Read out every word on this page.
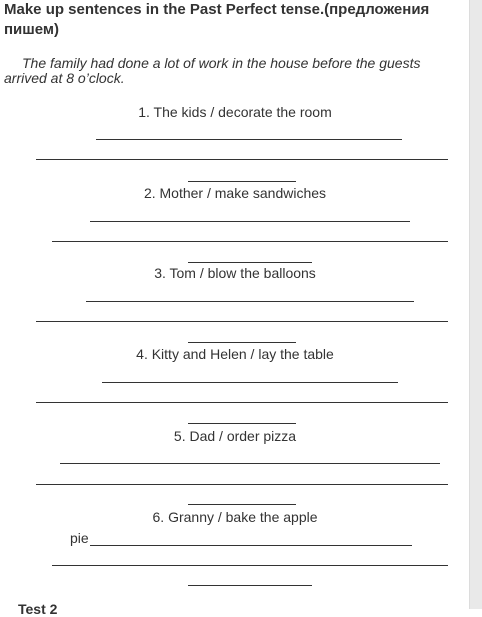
Make up sentences in the Past Perfect tense.(предложения пишем)
The family had done a lot of work in the house before the guests arrived at 8 o’clock.
1. The kids / decorate the room
2. Mother / make sandwiches
3. Tom / blow the balloons
4. Kitty and Helen / lay the table
5. Dad / order pizza
6. Granny / bake the apple
pie
Test 2
